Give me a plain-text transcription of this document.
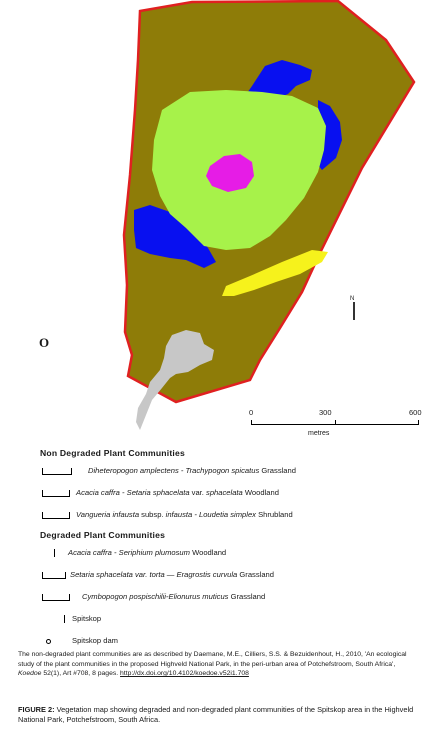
N
O
0	300	600
metres
Non Degraded Plant Communities
Diheteropogon amplectens - Trachypogon spicatus Grassland
Acacia caffra - Setaria sphacelata var. sphacelata Woodland
Vangueria infausta subsp. infausta - Loudetia simplex Shrubland
Degraded Plant Communities
Acacia caffra - Seriphium plumosum Woodland
Setaria sphacelata var. torta — Eragrostis curvula Grassland
Cymbopogon pospischilii-Elionurus muticus Grassland
Spitskop
Spitskop dam
The non-degraded plant communities are as described by Daemane, M.E., Cilliers, S.S. & Bezuidenhout, H., 2010, 'An ecological study of the plant communities in the proposed Highveld National Park, in the peri-urban area of Potchefstroom, South Africa', Koedoe 52(1), Art #708, 8 pages. http://dx.doi.org/10.4102/koedoe.v52i1.708
FIGURE 2: Vegetation map showing degraded and non-degraded plant communities of the Spitskop area in the Highveld National Park, Potchefstroom, South Africa.
